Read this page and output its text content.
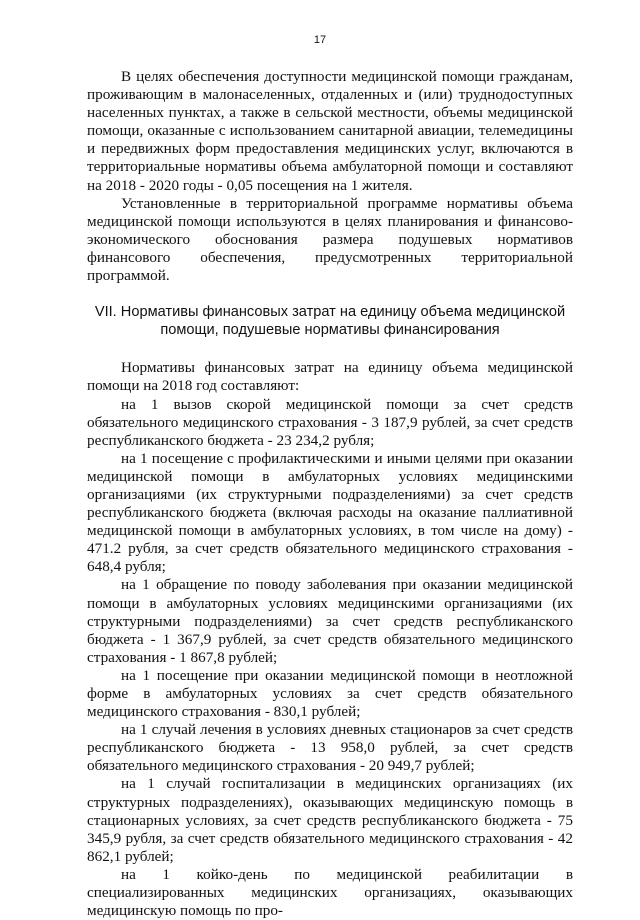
17

В целях обеспечения доступности медицинской помощи гражданам, проживающим в малонаселенных, отдаленных и (или) труднодоступных населенных пунктах, а также в сельской местности, объемы медицинской помощи, оказанные с использованием санитарной авиации, телемедицины и передвижных форм предоставления медицинских услуг, включаются в территориальные нормативы объема амбулаторной помощи и составляют на 2018 - 2020 годы - 0,05 посещения на 1 жителя.

Установленные в территориальной программе нормативы объема медицинской помощи используются в целях планирования и финансово-экономического обоснования размера подушевых нормативов финансового обеспечения, предусмотренных территориальной программой.

VII. Нормативы финансовых затрат на единицу объема медицинской
помощи, подушевые нормативы финансирования

Нормативы финансовых затрат на единицу объема медицинской помощи на 2018 год составляют:

на 1 вызов скорой медицинской помощи за счет средств обязательного медицинского страхования - 3 187,9 рублей, за счет средств республиканского бюджета - 23 234,2 рубля;

на 1 посещение с профилактическими и иными целями при оказании медицинской помощи в амбулаторных условиях медицинскими организациями (их структурными подразделениями) за счет средств республиканского бюджета (включая расходы на оказание паллиативной медицинской помощи в амбулаторных условиях, в том числе на дому) - 471.2 рубля, за счет средств обязательного медицинского страхования - 648,4 рубля;

на 1 обращение по поводу заболевания при оказании медицинской помощи в амбулаторных условиях медицинскими организациями (их структурными подразделениями) за счет средств республиканского бюджета - 1 367,9 рублей, за счет средств обязательного медицинского страхования - 1 867,8 рублей;

на 1 посещение при оказании медицинской помощи в неотложной форме в амбулаторных условиях за счет средств обязательного медицинского страхования - 830,1 рублей;

на 1 случай лечения в условиях дневных стационаров за счет средств республиканского бюджета - 13 958,0 рублей, за счет средств обязательного медицинского страхования - 20 949,7 рублей;

на 1 случай госпитализации в медицинских организациях (их структурных подразделениях), оказывающих медицинскую помощь в стационарных условиях, за счет средств республиканского бюджета - 75 345,9 рубля, за счет средств обязательного медицинского страхования - 42 862,1 рублей;

на 1 койко-день по медицинской реабилитации в специализированных медицинских организациях, оказывающих медицинскую помощь по про-
